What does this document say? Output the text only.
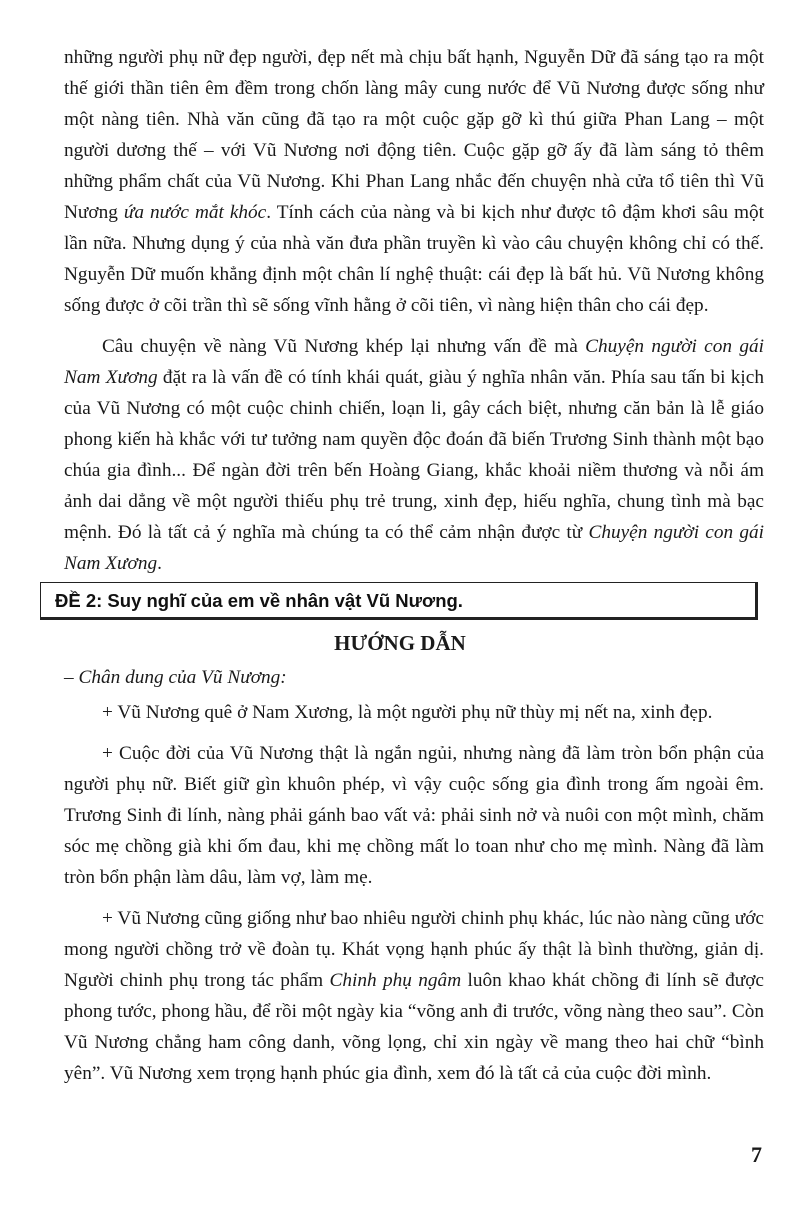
những người phụ nữ đẹp người, đẹp nết mà chịu bất hạnh, Nguyễn Dữ đã sáng tạo ra một thế giới thần tiên êm đềm trong chốn làng mây cung nước để Vũ Nương được sống như một nàng tiên. Nhà văn cũng đã tạo ra một cuộc gặp gỡ kì thú giữa Phan Lang – một người dương thế – với Vũ Nương nơi động tiên. Cuộc gặp gỡ ấy đã làm sáng tỏ thêm những phẩm chất của Vũ Nương. Khi Phan Lang nhắc đến chuyện nhà cửa tổ tiên thì Vũ Nương ứa nước mắt khóc. Tính cách của nàng và bi kịch như được tô đậm khơi sâu một lần nữa. Nhưng dụng ý của nhà văn đưa phần truyền kì vào câu chuyện không chỉ có thế. Nguyễn Dữ muốn khẳng định một chân lí nghệ thuật: cái đẹp là bất hủ. Vũ Nương không sống được ở cõi trần thì sẽ sống vĩnh hằng ở cõi tiên, vì nàng hiện thân cho cái đẹp.

Câu chuyện về nàng Vũ Nương khép lại nhưng vấn đề mà Chuyện người con gái Nam Xương đặt ra là vấn đề có tính khái quát, giàu ý nghĩa nhân văn. Phía sau tấn bi kịch của Vũ Nương có một cuộc chinh chiến, loạn li, gây cách biệt, nhưng căn bản là lễ giáo phong kiến hà khắc với tư tưởng nam quyền độc đoán đã biến Trương Sinh thành một bạo chúa gia đình... Để ngàn đời trên bến Hoàng Giang, khắc khoải niềm thương và nỗi ám ảnh dai dẳng về một người thiếu phụ trẻ trung, xinh đẹp, hiếu nghĩa, chung tình mà bạc mệnh. Đó là tất cả ý nghĩa mà chúng ta có thể cảm nhận được từ Chuyện người con gái Nam Xương.

ĐỀ 2: Suy nghĩ của em về nhân vật Vũ Nương.
HƯỚNG DẪN

– Chân dung của Vũ Nương:

+ Vũ Nương quê ở Nam Xương, là một người phụ nữ thùy mị nết na, xinh đẹp.

+ Cuộc đời của Vũ Nương thật là ngắn ngủi, nhưng nàng đã làm tròn bổn phận của người phụ nữ. Biết giữ gìn khuôn phép, vì vậy cuộc sống gia đình trong ấm ngoài êm. Trương Sinh đi lính, nàng phải gánh bao vất vả: phải sinh nở và nuôi con một mình, chăm sóc mẹ chồng già khi ốm đau, khi mẹ chồng mất lo toan như cho mẹ mình. Nàng đã làm tròn bổn phận làm dâu, làm vợ, làm mẹ.

+ Vũ Nương cũng giống như bao nhiêu người chinh phụ khác, lúc nào nàng cũng ước mong người chồng trở về đoàn tụ. Khát vọng hạnh phúc ấy thật là bình thường, giản dị. Người chinh phụ trong tác phẩm Chinh phụ ngâm luôn khao khát chồng đi lính sẽ được phong tước, phong hầu, để rồi một ngày kia “võng anh đi trước, võng nàng theo sau”. Còn Vũ Nương chẳng ham công danh, võng lọng, chỉ xin ngày về mang theo hai chữ “bình yên”. Vũ Nương xem trọng hạnh phúc gia đình, xem đó là tất cả của cuộc đời mình.

7
